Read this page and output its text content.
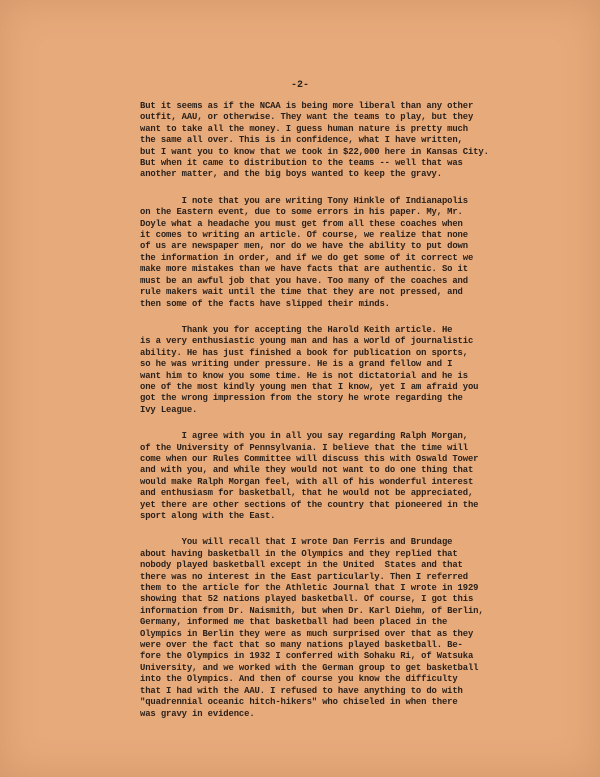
-2-
But it seems as if the NCAA is being more liberal than any other
outfit, AAU, or otherwise. They want the teams to play, but they
want to take all the money. I guess human nature is pretty much
the same all over. This is in confidence, what I have written,
but I want you to know that we took in $22,000 here in Kansas City.
But when it came to distribution to the teams -- well that was
another matter, and the big boys wanted to keep the gravy.
I note that you are writing Tony Hinkle of Indianapolis
on the Eastern event, due to some errors in his paper. My, Mr.
Doyle what a headache you must get from all these coaches when
it comes to writing an article. Of course, we realize that none
of us are newspaper men, nor do we have the ability to put down
the information in order, and if we do get some of it correct we
make more mistakes than we have facts that are authentic. So it
must be an awful job that you have. Too many of the coaches and
rule makers wait until the time that they are not pressed, and
then some of the facts have slipped their minds.
Thank you for accepting the Harold Keith article. He
is a very enthusiastic young man and has a world of journalistic
ability. He has just finished a book for publication on sports,
so he was writing under pressure. He is a grand fellow and I
want him to know you some time. He is not dictatorial and he is
one of the most kindly young men that I know, yet I am afraid you
got the wrong impression from the story he wrote regarding the
Ivy League.
I agree with you in all you say regarding Ralph Morgan,
of the University of Pennsylvania. I believe that the time will
come when our Rules Committee will discuss this with Oswald Tower
and with you, and while they would not want to do one thing that
would make Ralph Morgan feel, with all of his wonderful interest
and enthusiasm for basketball, that he would not be appreciated,
yet there are other sections of the country that pioneered in the
sport along with the East.
You will recall that I wrote Dan Ferris and Brundage
about having basketball in the Olympics and they replied that
nobody played basketball except in the United  States and that
there was no interest in the East particularly. Then I referred
them to the article for the Athletic Journal that I wrote in 1929
showing that 52 nations played basketball. Of course, I got this
information from Dr. Naismith, but when Dr. Karl Diehm, of Berlin,
Germany, informed me that basketball had been placed in the
Olympics in Berlin they were as much surprised over that as they
were over the fact that so many nations played basketball. Be-
fore the Olympics in 1932 I conferred with Sohaku Ri, of Watsuka
University, and we worked with the German group to get basketball
into the Olympics. And then of course you know the difficulty
that I had with the AAU. I refused to have anything to do with
"quadrennial oceanic hitch-hikers" who chiseled in when there
was gravy in evidence.
